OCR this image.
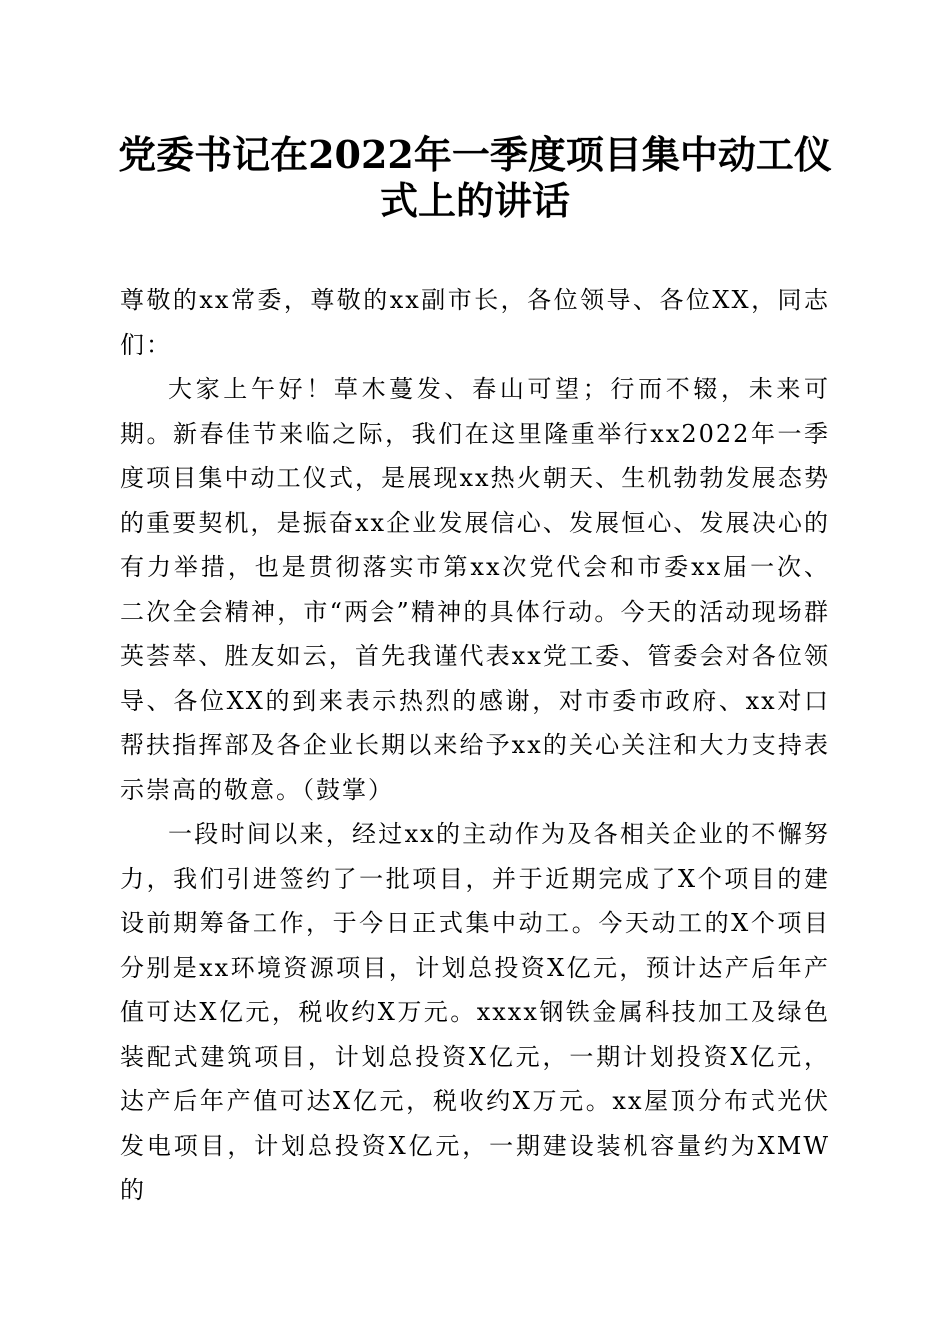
党委书记在2022年一季度项目集中动工仪式上的讲话

尊敬的xx常委，尊敬的xx副市长，各位领导、各位XX，同志们：

大家上午好！草木蔓发、春山可望；行而不辍，未来可期。新春佳节来临之际，我们在这里隆重举行xx2022年一季度项目集中动工仪式，是展现xx热火朝天、生机勃勃发展态势的重要契机，是振奋xx企业发展信心、发展恒心、发展决心的有力举措，也是贯彻落实市第xx次党代会和市委xx届一次、二次全会精神，市“两会”精神的具体行动。今天的活动现场群英荟萃、胜友如云，首先我谨代表xx党工委、管委会对各位领导、各位XX的到来表示热烈的感谢，对市委市政府、xx对口帮扶指挥部及各企业长期以来给予xx的关心关注和大力支持表示崇高的敬意。（鼓掌）

一段时间以来，经过xx的主动作为及各相关企业的不懈努力，我们引进签约了一批项目，并于近期完成了X个项目的建设前期筹备工作，于今日正式集中动工。今天动工的X个项目分别是xx环境资源项目，计划总投资X亿元，预计达产后年产值可达X亿元，税收约X万元。xxxx钢铁金属科技加工及绿色装配式建筑项目，计划总投资X亿元，一期计划投资X亿元，达产后年产值可达X亿元，税收约X万元。xx屋顶分布式光伏发电项目，计划总投资X亿元，一期建设装机容量约为XMW的
